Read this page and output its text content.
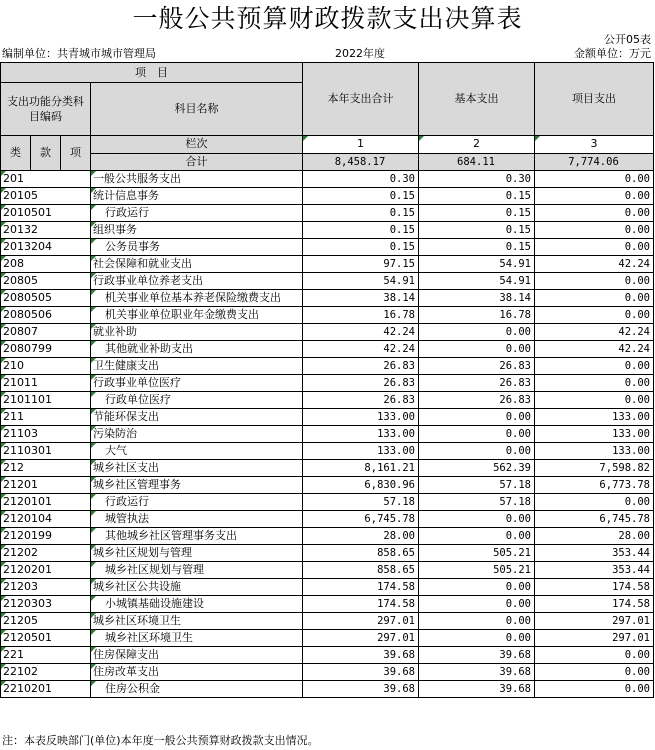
一般公共预算财政拨款支出决算表
公开05表
编制单位：共青城市城市管理局	2022年度	金额单位：万元
项　目				本年支出合计	基本支出	项目支出
支出功能分类科目编码			科目名称			

类	款	项	栏次	1	2	3
			合计	8,458.17	684.11	7,774.06
201			一般公共服务支出	0.30	0.30	0.00
20105			统计信息事务	0.15	0.15	0.00
2010501			行政运行	0.15	0.15	0.00
20132			组织事务	0.15	0.15	0.00
2013204			公务员事务	0.15	0.15	0.00
208			社会保障和就业支出	97.15	54.91	42.24
20805			行政事业单位养老支出	54.91	54.91	0.00
2080505			机关事业单位基本养老保险缴费支出	38.14	38.14	0.00
2080506			机关事业单位职业年金缴费支出	16.78	16.78	0.00
20807			就业补助	42.24	0.00	42.24
2080799			其他就业补助支出	42.24	0.00	42.24
210			卫生健康支出	26.83	26.83	0.00
21011			行政事业单位医疗	26.83	26.83	0.00
2101101			行政单位医疗	26.83	26.83	0.00
211			节能环保支出	133.00	0.00	133.00
21103			污染防治	133.00	0.00	133.00
2110301			大气	133.00	0.00	133.00
212			城乡社区支出	8,161.21	562.39	7,598.82
21201			城乡社区管理事务	6,830.96	57.18	6,773.78
2120101			行政运行	57.18	57.18	0.00
2120104			城管执法	6,745.78	0.00	6,745.78
2120199			其他城乡社区管理事务支出	28.00	0.00	28.00
21202			城乡社区规划与管理	858.65	505.21	353.44
2120201			城乡社区规划与管理	858.65	505.21	353.44
21203			城乡社区公共设施	174.58	0.00	174.58
2120303			小城镇基础设施建设	174.58	0.00	174.58
21205			城乡社区环境卫生	297.01	0.00	297.01
2120501			城乡社区环境卫生	297.01	0.00	297.01
221			住房保障支出	39.68	39.68	0.00
22102			住房改革支出	39.68	39.68	0.00
2210201			住房公积金	39.68	39.68	0.00
注：本表反映部门(单位)本年度一般公共预算财政拨款支出情况。
